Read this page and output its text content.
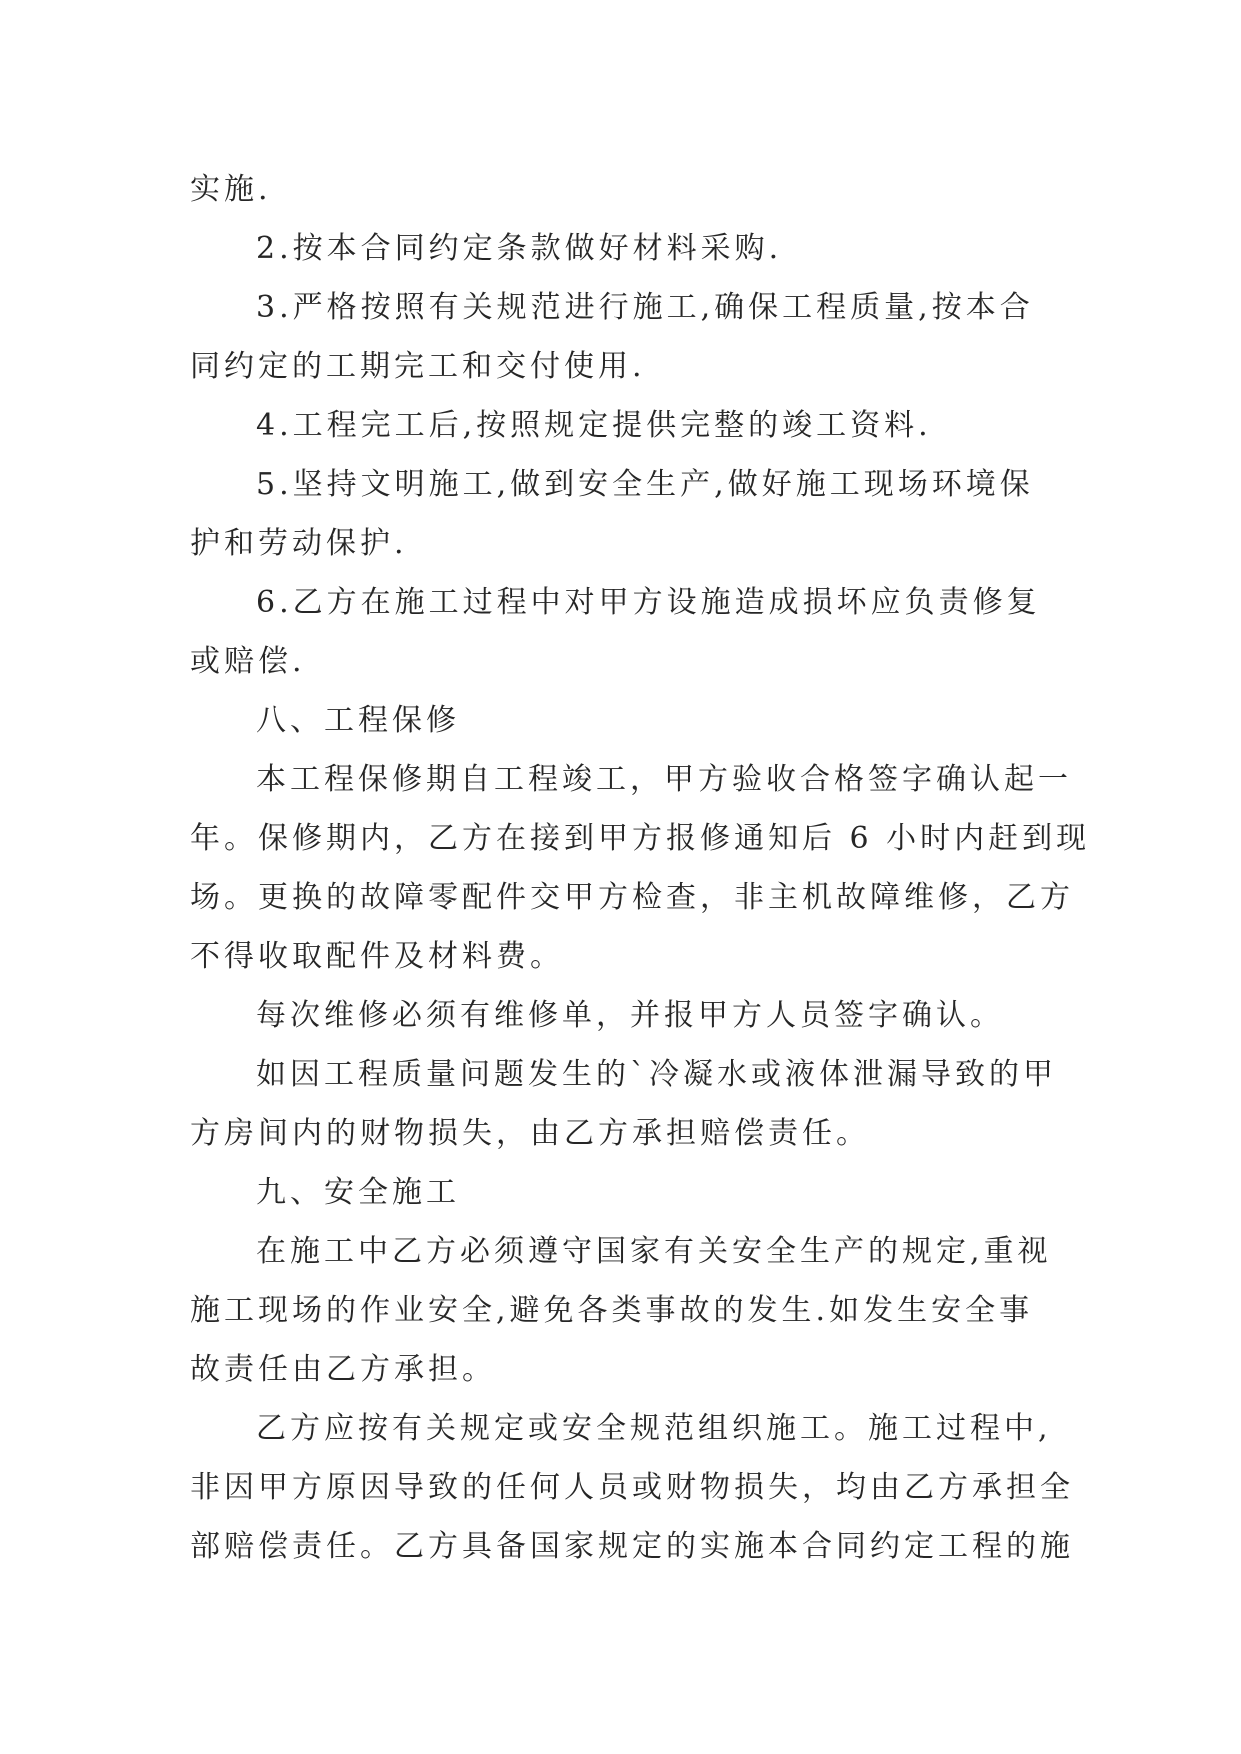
实施.
2.按本合同约定条款做好材料采购.
3.严格按照有关规范进行施工,确保工程质量,按本合
同约定的工期完工和交付使用.
4.工程完工后,按照规定提供完整的竣工资料.
5.坚持文明施工,做到安全生产,做好施工现场环境保
护和劳动保护.
6.乙方在施工过程中对甲方设施造成损坏应负责修复
或赔偿.
八、工程保修
本工程保修期自工程竣工，甲方验收合格签字确认起一
年。保修期内，乙方在接到甲方报修通知后 6 小时内赶到现
场。更换的故障零配件交甲方检查，非主机故障维修，乙方
不得收取配件及材料费。
每次维修必须有维修单，并报甲方人员签字确认。
如因工程质量问题发生的`冷凝水或液体泄漏导致的甲
方房间内的财物损失，由乙方承担赔偿责任。
九、安全施工
在施工中乙方必须遵守国家有关安全生产的规定,重视
施工现场的作业安全,避免各类事故的发生.如发生安全事
故责任由乙方承担。
乙方应按有关规定或安全规范组织施工。施工过程中,
非因甲方原因导致的任何人员或财物损失，均由乙方承担全
部赔偿责任。乙方具备国家规定的实施本合同约定工程的施
